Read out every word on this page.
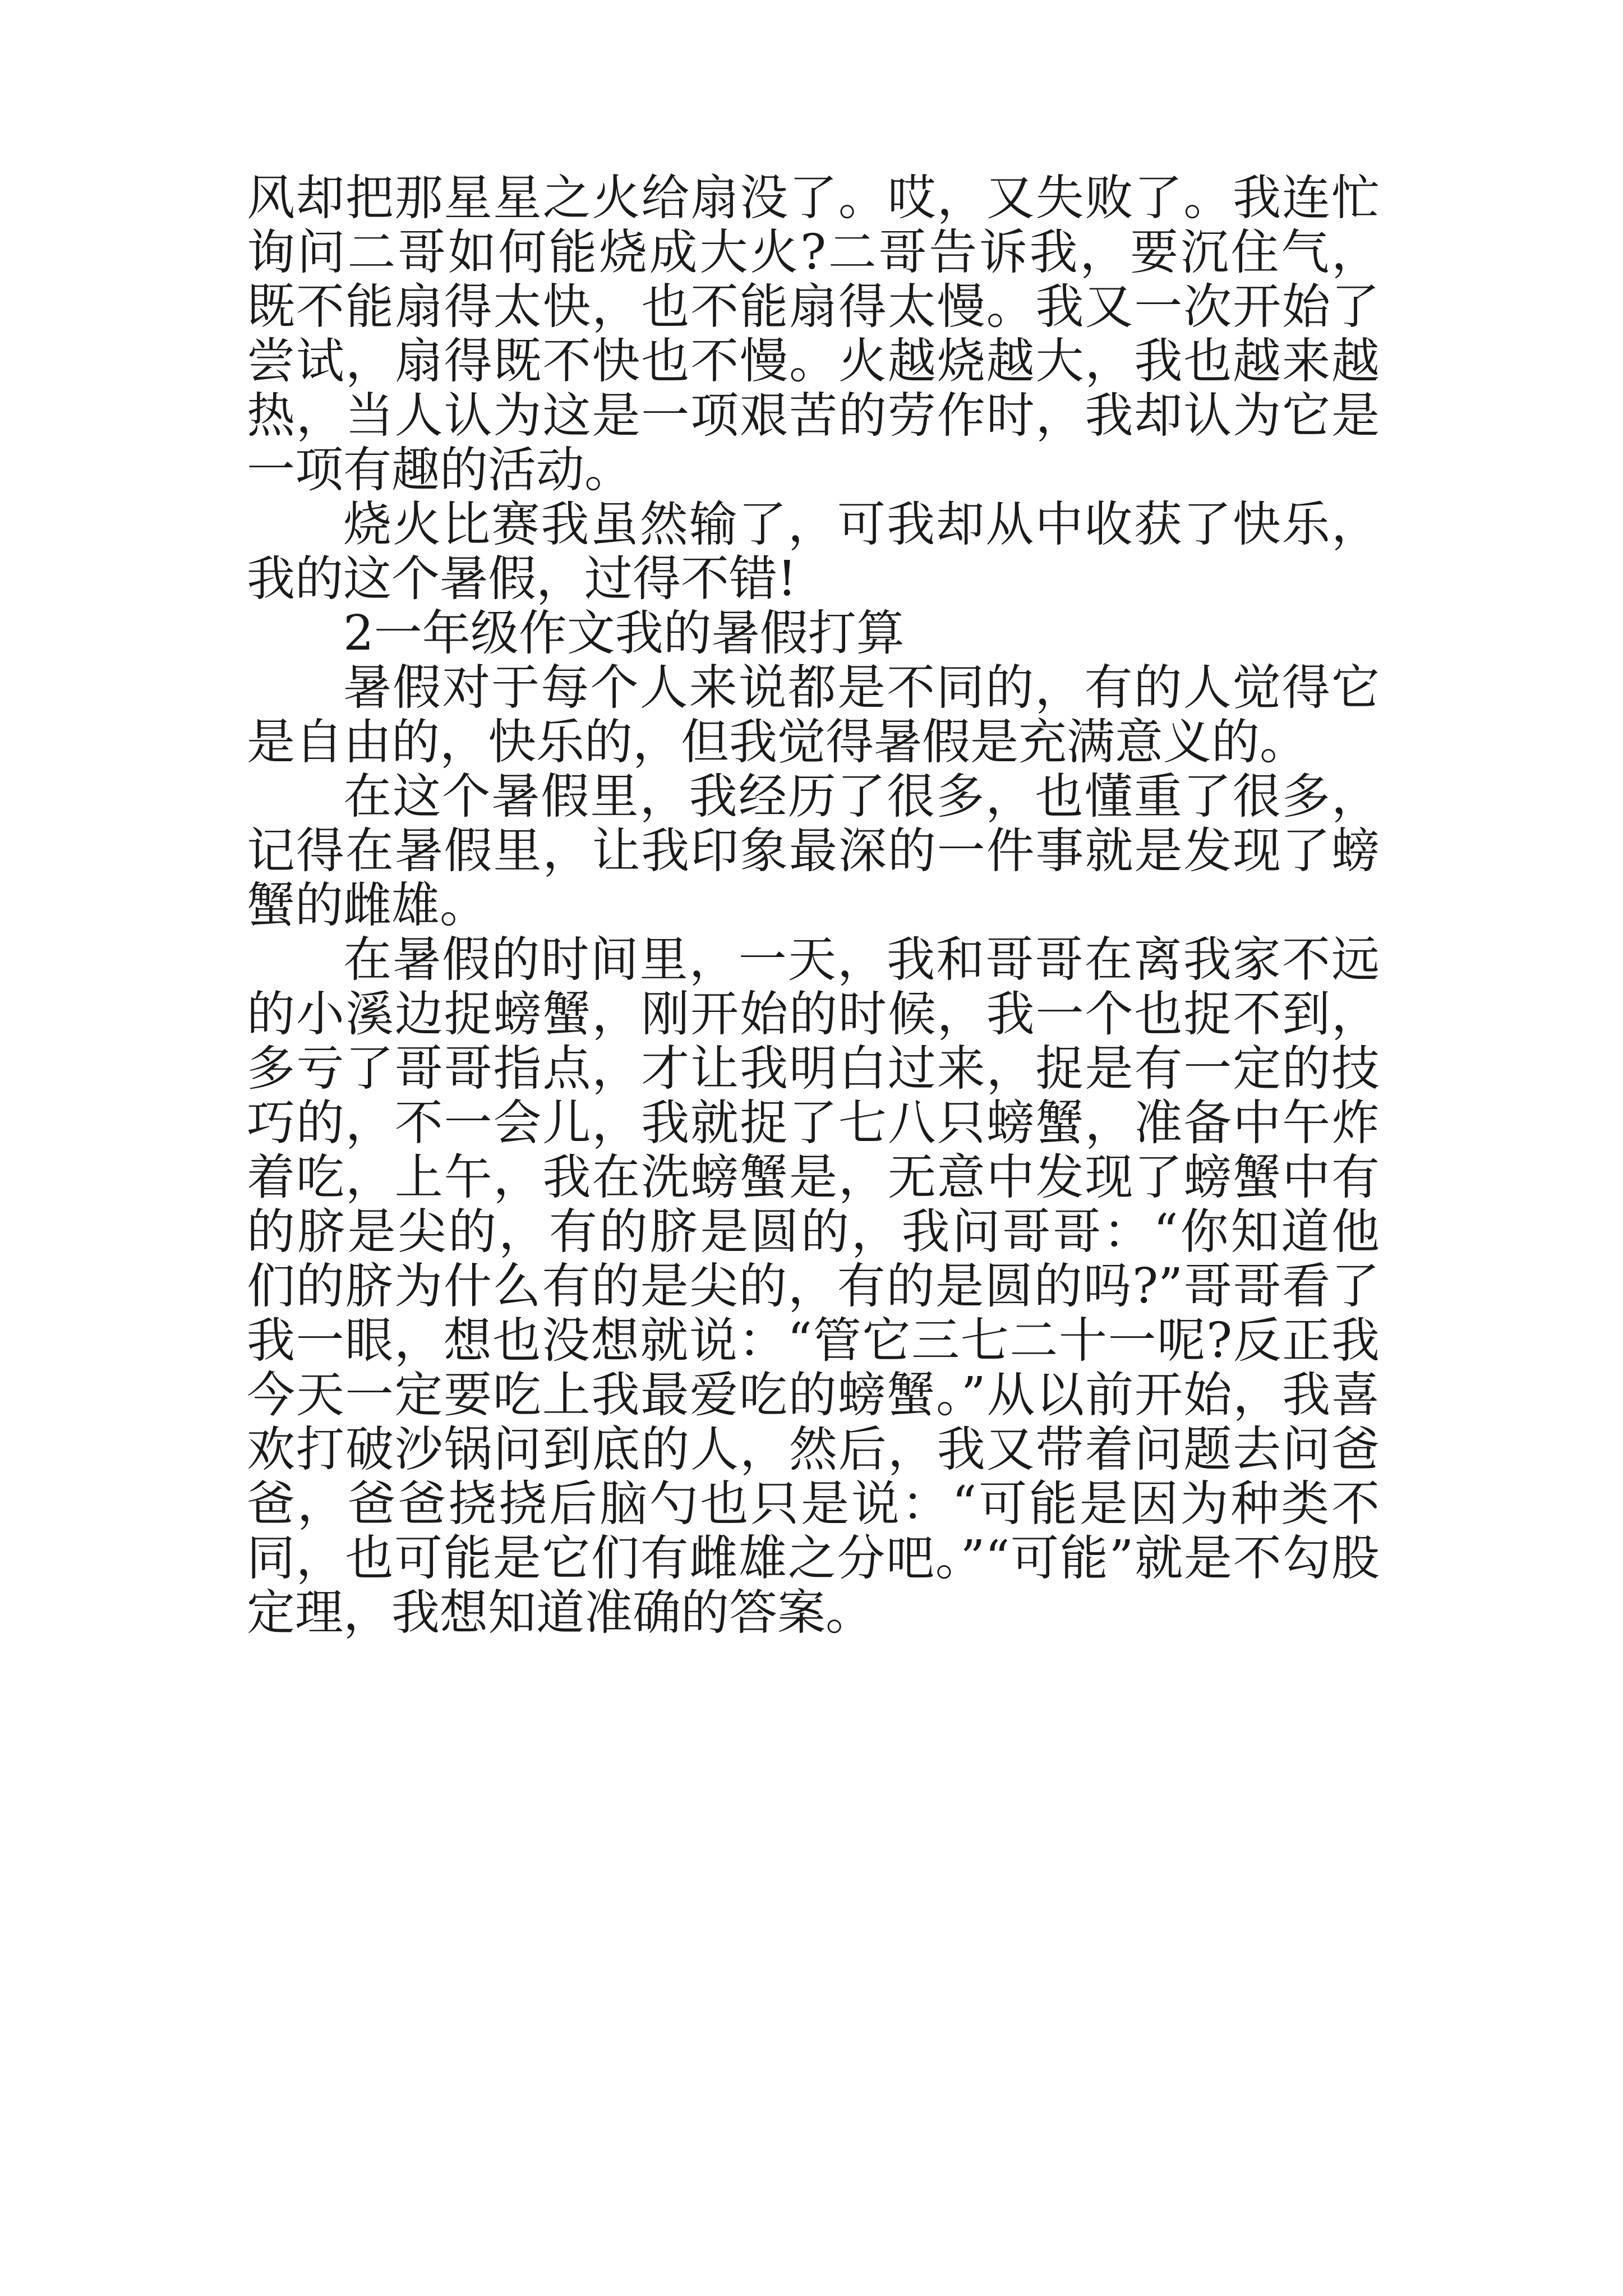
风却把那星星之火给扇没了。哎，又失败了。我连忙询问二哥如何能烧成大火?二哥告诉我，要沉住气，既不能扇得太快，也不能扇得太慢。我又一次开始了尝试，扇得既不快也不慢。火越烧越大，我也越来越热，当人认为这是一项艰苦的劳作时，我却认为它是一项有趣的活动。

烧火比赛我虽然输了，可我却从中收获了快乐，我的这个暑假，过得不错!

2一年级作文我的暑假打算

暑假对于每个人来说都是不同的，有的人觉得它是自由的，快乐的，但我觉得暑假是充满意义的。

在这个暑假里，我经历了很多，也懂重了很多，记得在暑假里，让我印象最深的一件事就是发现了螃蟹的雌雄。

在暑假的时间里，一天，我和哥哥在离我家不远的小溪边捉螃蟹，刚开始的时候，我一个也捉不到，多亏了哥哥指点，才让我明白过来，捉是有一定的技巧的，不一会儿，我就捉了七八只螃蟹，准备中午炸着吃，上午，我在洗螃蟹是，无意中发现了螃蟹中有的脐是尖的，有的脐是圆的，我问哥哥：“你知道他们的脐为什么有的是尖的，有的是圆的吗?”哥哥看了我一眼，想也没想就说：“管它三七二十一呢?反正我今天一定要吃上我最爱吃的螃蟹。”从以前开始，我喜欢打破沙锅问到底的人，然后，我又带着问题去问爸爸，爸爸挠挠后脑勺也只是说：“可能是因为种类不同，也可能是它们有雌雄之分吧。”“可能”就是不勾股定理，我想知道准确的答案。
